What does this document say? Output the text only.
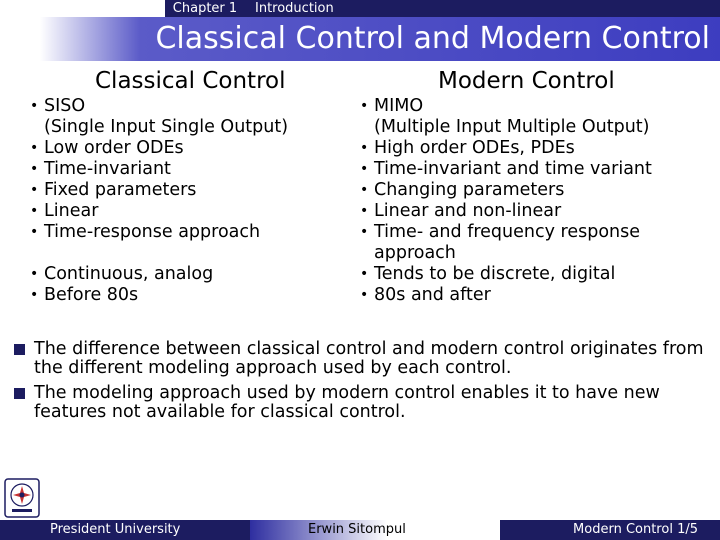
Chapter 1	Introduction
Classical Control and Modern Control
Classical Control	Modern Control
• SISO
(Single Input Single Output)
• Low order ODEs
• Time-invariant
• Fixed parameters
• Linear
• Time-response approach
• Continuous, analog
• Before 80s
• MIMO
(Multiple Input Multiple Output)
• High order ODEs, PDEs
• Time-invariant and time variant
• Changing parameters
• Linear and non-linear
• Time- and frequency response
approach
• Tends to be discrete, digital
• 80s and after
The difference between classical control and modern control originates from the different modeling approach used by each control.
The modeling approach used by modern control enables it to have new features not available for classical control.
President University	Erwin Sitompul	Modern Control 1/5
